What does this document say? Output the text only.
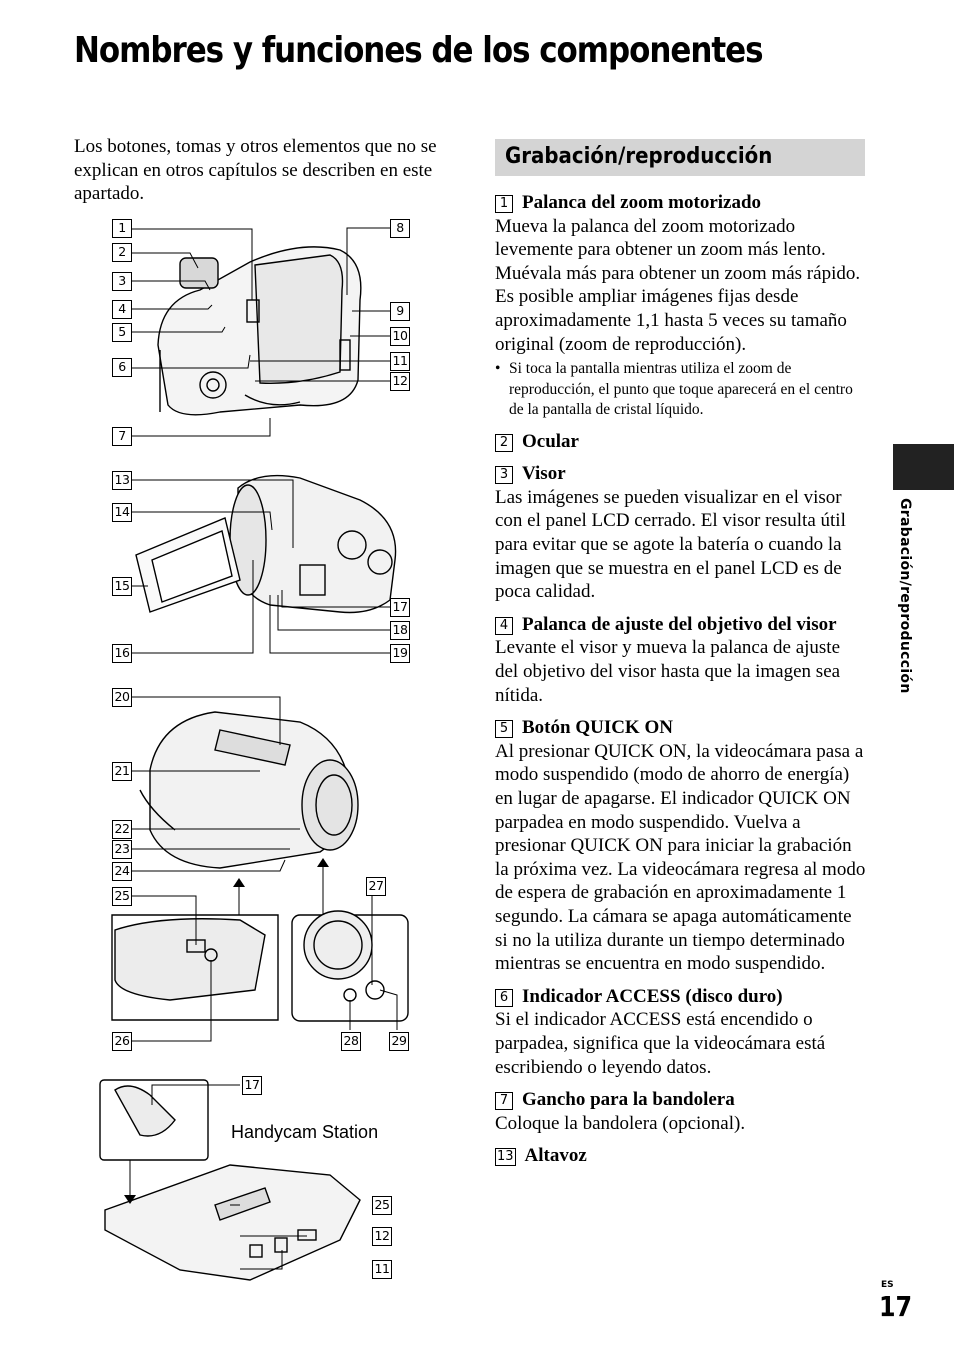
Nombres y funciones de los componentes
Los botones, tomas y otros elementos que no se explican en otros capítulos se describen en este apartado.
Grabación/reproducción
1 Palanca del zoom motorizado

Mueva la palanca del zoom motorizado levemente para obtener un zoom más lento. Muévala más para obtener un zoom más rápido.

Es posible ampliar imágenes fijas desde aproximadamente 1,1 hasta 5 veces su tamaño original (zoom de reproducción).

• Si toca la pantalla mientras utiliza el zoom de reproducción, el punto que toque aparecerá en el centro de la pantalla de cristal líquido.
2 Ocular
3 Visor

Las imágenes se pueden visualizar en el visor con el panel LCD cerrado. El visor resulta útil para evitar que se agote la batería o cuando la imagen que se muestra en el panel LCD es de poca calidad.

4 Palanca de ajuste del objetivo del visor

Levante el visor y mueva la palanca de ajuste del objetivo del visor hasta que la imagen sea nítida.

5 Botón QUICK ON

Al presionar QUICK ON, la videocámara pasa a modo suspendido (modo de ahorro de energía) en lugar de apagarse. El indicador QUICK ON parpadea en modo suspendido. Vuelva a presionar QUICK ON para iniciar la grabación la próxima vez. La videocámara regresa al modo de espera de grabación en aproximadamente 1 segundo. La cámara se apaga automáticamente si no la utiliza durante un tiempo determinado mientras se encuentra en modo suspendido.

6 Indicador ACCESS (disco duro)

Si el indicador ACCESS está encendido o parpadea, significa que la videocámara está escribiendo o leyendo datos.

7 Gancho para la bandolera

Coloque la bandolera (opcional).

13 Altavoz
Grabación/reproducción
ES
17
1
2
3
4
5
6
7
8
9
10
11
12
13
14
15
16
17
18
19
20
21
22
23
24
25
26
27
28	29
17
25
12
11
Handycam Station
